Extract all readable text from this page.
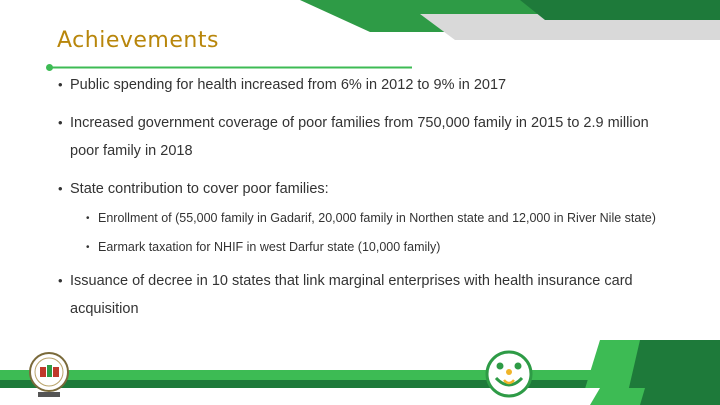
Achievements
• Public spending for health increased from 6% in 2012 to 9% in 2017
• Increased government coverage of poor families from 750,000 family in 2015 to 2.9 million poor family in 2018
• State contribution to cover poor families:
• Enrollment of (55,000 family in Gadarif, 20,000 family in Northen state and 12,000 in River Nile state)
• Earmark taxation for NHIF in west Darfur state (10,000 family)
• Issuance of decree in 10 states that link marginal enterprises with health insurance card acquisition
